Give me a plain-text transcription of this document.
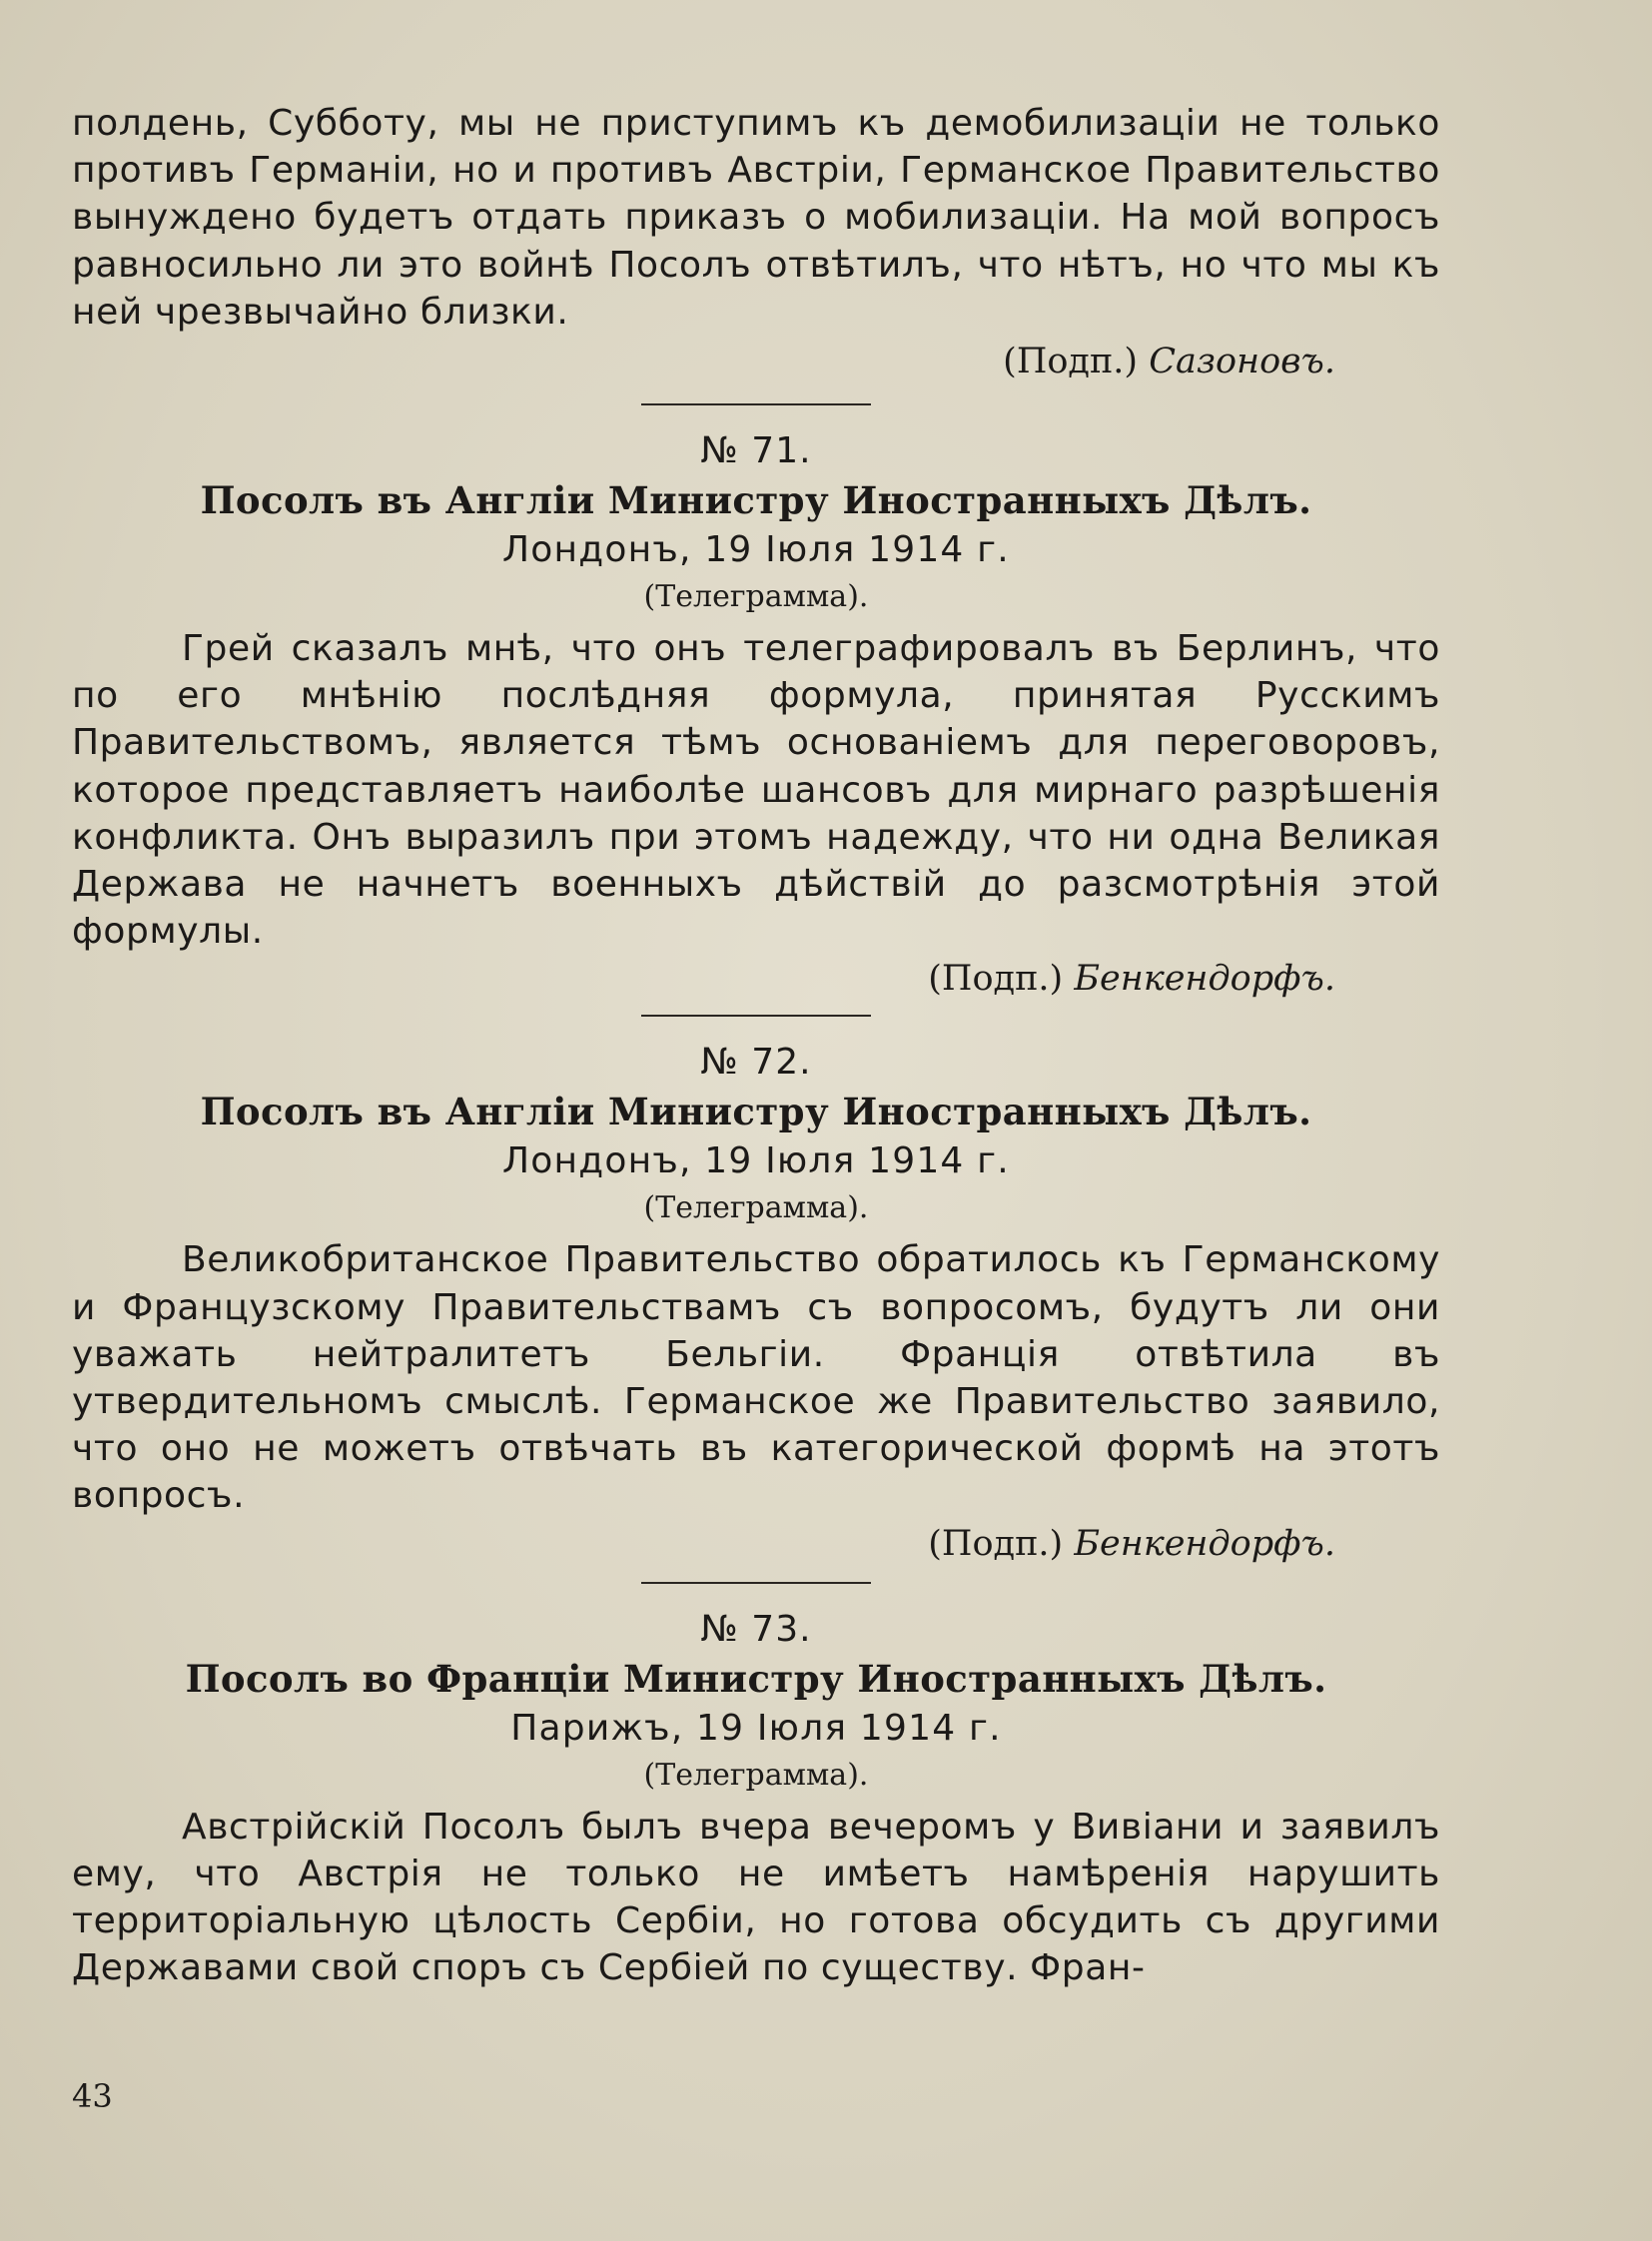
полдень, Субботу, мы не приступимъ къ демобилизаціи не только противъ Германіи, но и противъ Австріи, Германское Правительство вынуждено будетъ отдать приказъ о мобилизаціи. На мой вопросъ равносильно ли это войнѣ Посолъ отвѣтилъ, что нѣтъ, но что мы къ ней чрезвычайно близки.

(Подп.) Сазоновъ.

№ 71.

Посолъ въ Англіи Министру Иностранныхъ Дѣлъ.

Лондонъ, 19 Іюля 1914 г.

(Телеграмма).

Грей сказалъ мнѣ, что онъ телеграфировалъ въ Берлинъ, что по его мнѣнію послѣдняя формула, принятая Русскимъ Правительствомъ, является тѣмъ основаніемъ для переговоровъ, которое представляетъ наиболѣе шансовъ для мирнаго разрѣшенія конфликта. Онъ выразилъ при этомъ надежду, что ни одна Великая Держава не начнетъ военныхъ дѣйствій до разсмотрѣнія этой формулы.

(Подп.) Бенкендорфъ.

№ 72.

Посолъ въ Англіи Министру Иностранныхъ Дѣлъ.

Лондонъ, 19 Іюля 1914 г.

(Телеграмма).

Великобританское Правительство обратилось къ Германскому и Французскому Правительствамъ съ вопросомъ, будутъ ли они уважать нейтралитетъ Бельгіи. Франція отвѣтила въ утвердительномъ смыслѣ. Германское же Правительство заявило, что оно не можетъ отвѣчать въ категорической формѣ на этотъ вопросъ.

(Подп.) Бенкендорфъ.

№ 73.

Посолъ во Франціи Министру Иностранныхъ Дѣлъ.

Парижъ, 19 Іюля 1914 г.

(Телеграмма).

Австрійскій Посолъ былъ вчера вечеромъ у Вивіани и заявилъ ему, что Австрія не только не имѣетъ намѣренія нарушить территоріальную цѣлость Сербіи, но готова обсудить съ другими Державами свой споръ съ Сербіей по существу. Фран-

43
